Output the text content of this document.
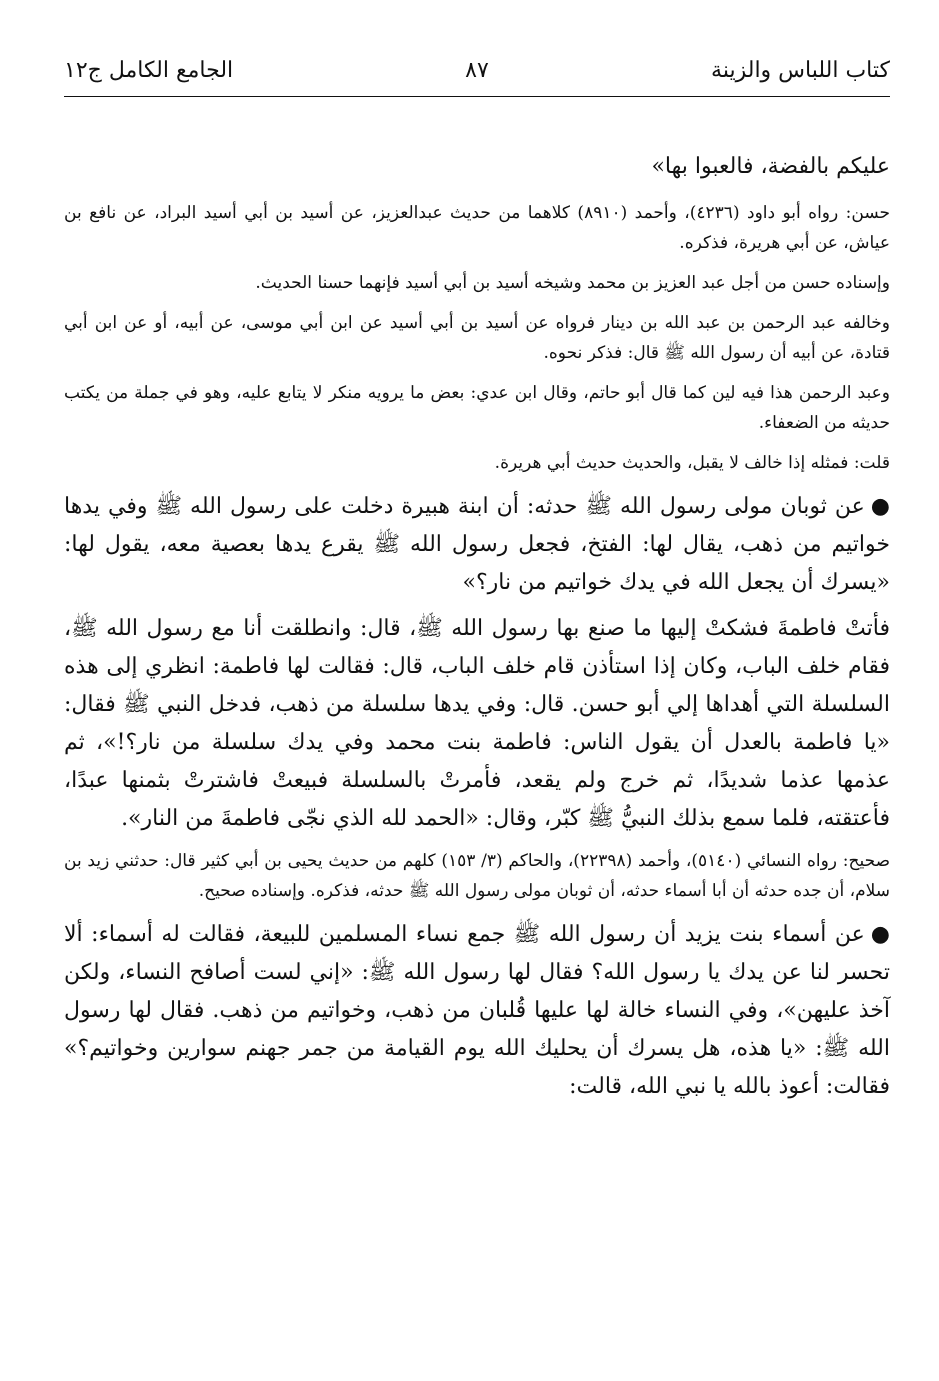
كتاب اللباس والزينة
٨٧
الجامع الكامل ج١٢

عليكم بالفضة، فالعبوا بها»

حسن: رواه أبو داود (٤٢٣٦)، وأحمد (٨٩١٠) كلاهما من حديث عبدالعزيز، عن أسيد بن أبي أسيد البراد، عن نافع بن عياش، عن أبي هريرة، فذكره.

وإسناده حسن من أجل عبد العزيز بن محمد وشيخه أسيد بن أبي أسيد فإنهما حسنا الحديث.

وخالفه عبد الرحمن بن عبد الله بن دينار فرواه عن أسيد بن أبي أسيد عن ابن أبي موسى، عن أبيه، أو عن ابن أبي قتادة، عن أبيه أن رسول الله ﷺ قال: فذكر نحوه.

وعبد الرحمن هذا فيه لين كما قال أبو حاتم، وقال ابن عدي: بعض ما يرويه منكر لا يتابع عليه، وهو في جملة من يكتب حديثه من الضعفاء.

قلت: فمثله إذا خالف لا يقبل، والحديث حديث أبي هريرة.

●عن ثوبان مولى رسول الله ﷺ حدثه: أن ابنة هبيرة دخلت على رسول الله ﷺ وفي يدها خواتيم من ذهب، يقال لها: الفتخ، فجعل رسول الله ﷺ يقرع يدها بعصية معه، يقول لها: «يسرك أن يجعل الله في يدك خواتيم من نار؟»

فأتتْ فاطمةَ فشكتْ إليها ما صنع بها رسول الله ﷺ، قال: وانطلقت أنا مع رسول الله ﷺ، فقام خلف الباب، وكان إذا استأذن قام خلف الباب، قال: فقالت لها فاطمة: انظري إلى هذه السلسلة التي أهداها إلي أبو حسن. قال: وفي يدها سلسلة من ذهب، فدخل النبي ﷺ فقال: «يا فاطمة بالعدل أن يقول الناس: فاطمة بنت محمد وفي يدك سلسلة من نار؟!»، ثم عذمها عذما شديدًا، ثم خرج ولم يقعد، فأمرتْ بالسلسلة فبيعتْ فاشترتْ بثمنها عبدًا، فأعتقته، فلما سمع بذلك النبيُّ ﷺ كبّر، وقال: «الحمد لله الذي نجّى فاطمةَ من النار».

صحيح: رواه النسائي (٥١٤٠)، وأحمد (٢٢٣٩٨)، والحاكم (٣/ ١٥٣) كلهم من حديث يحيى بن أبي كثير قال: حدثني زيد بن سلام، أن جده حدثه أن أبا أسماء حدثه، أن ثوبان مولى رسول الله ﷺ حدثه، فذكره. وإسناده صحيح.

●عن أسماء بنت يزيد أن رسول الله ﷺ جمع نساء المسلمين للبيعة، فقالت له أسماء: ألا تحسر لنا عن يدك يا رسول الله؟ فقال لها رسول الله ﷺ: «إني لست أصافح النساء، ولكن آخذ عليهن»، وفي النساء خالة لها عليها قُلبان من ذهب، وخواتيم من ذهب. فقال لها رسول الله ﷺ: «يا هذه، هل يسرك أن يحليك الله يوم القيامة من جمر جهنم سوارين وخواتيم؟» فقالت: أعوذ بالله يا نبي الله، قالت:
